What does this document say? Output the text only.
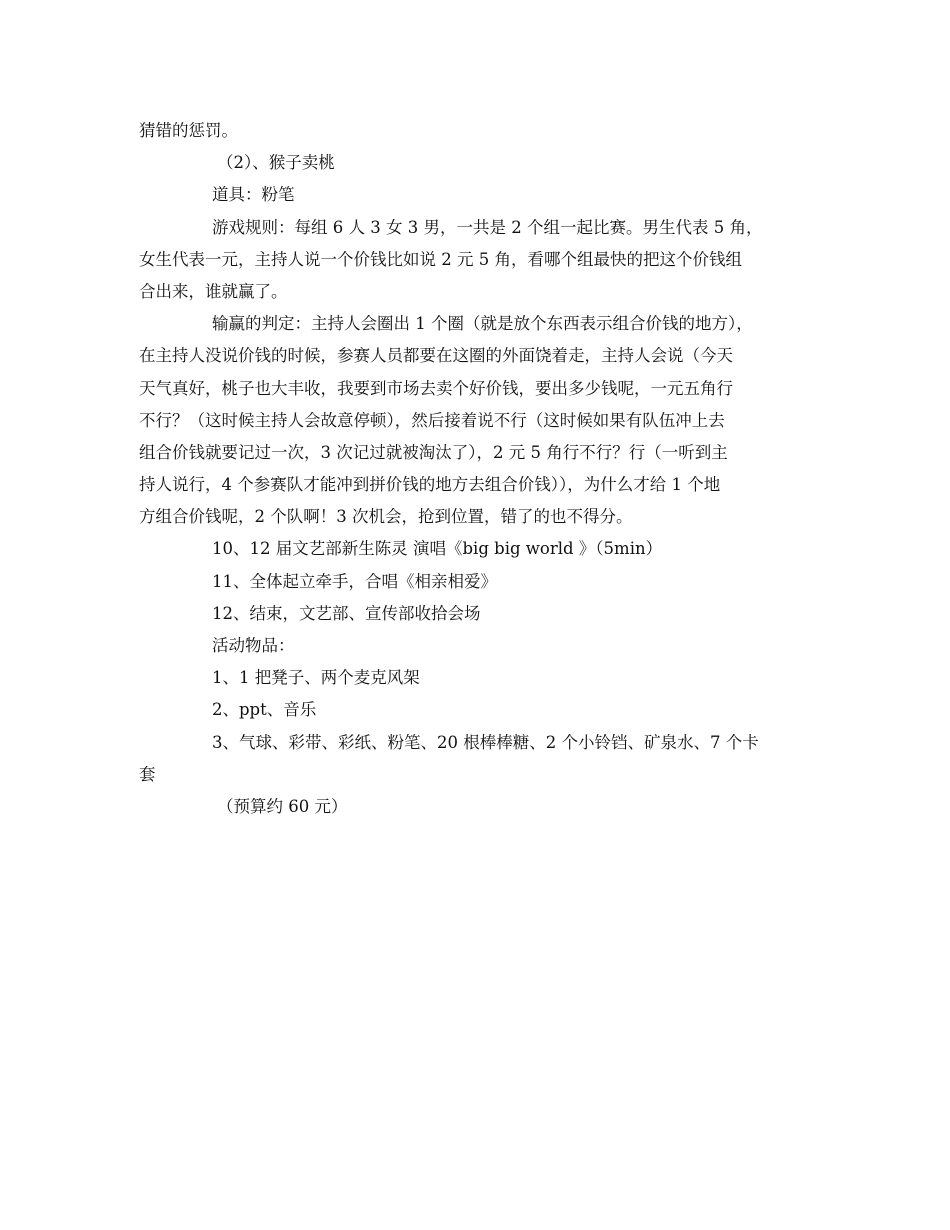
猜错的惩罚。
（2）、猴子卖桃
道具：粉笔
游戏规则：每组 6 人 3 女 3 男，一共是 2 个组一起比赛。男生代表 5 角，
女生代表一元，主持人说一个价钱比如说 2 元 5 角，看哪个组最快的把这个价钱组
合出来，谁就赢了。
输赢的判定：主持人会圈出 1 个圈（就是放个东西表示组合价钱的地方），
在主持人没说价钱的时候，参赛人员都要在这圈的外面饶着走，主持人会说（今天
天气真好，桃子也大丰收，我要到市场去卖个好价钱，要出多少钱呢，一元五角行
不行？（这时候主持人会故意停顿），然后接着说不行（这时候如果有队伍冲上去
组合价钱就要记过一次，3 次记过就被淘汰了），2 元 5 角行不行？行（一听到主
持人说行，4 个参赛队才能冲到拼价钱的地方去组合价钱）），为什么才给 1 个地
方组合价钱呢，2 个队啊！3 次机会，抢到位置，错了的也不得分。
10、12 届文艺部新生陈灵 演唱《big big world 》（5min）
11、全体起立牵手，合唱《相亲相爱》
12、结束，文艺部、宣传部收拾会场
活动物品：
1、1 把凳子、两个麦克风架
2、ppt、音乐
3、气球、彩带、彩纸、粉笔、20 根棒棒糖、2 个小铃铛、矿泉水、7 个卡
套
（预算约 60 元）
